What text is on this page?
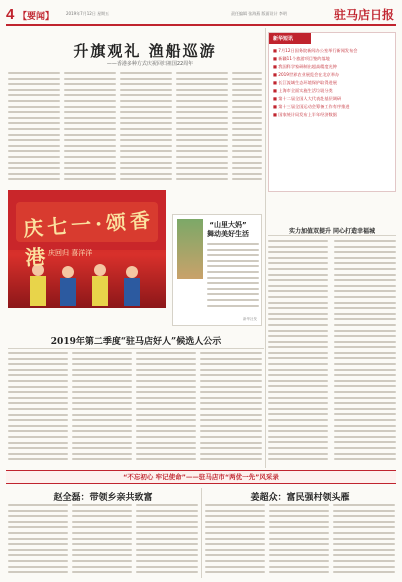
4 【要闻】	2019年7月12日 星期五	责任编辑 张海燕 版面设计 李明	驻马店日报
升旗观礼 渔船巡游
——香港多种方式庆祝回归祖国22周年
新华短讯
■ 7月12日国务院新闻办公室举行新闻发布会
■ 新疆11个旅游项目签约落地
■ 我国科学家研制出超高精度光钟
■ 2019世界农业展览会在北京举办
■ 长江流域生态环境保护取得进展
■ 上海市全面实施生活垃圾分类
■ 第十二届全国人大代表赴基层调研
■ 第十三届全国运动会筹备工作有序推进
■ 国家统计局发布上半年经济数据
实力加值双提升 同心打造幸福城
庆七一·颂香港
庆回归 喜洋洋
“山里大妈”
舞动美好生活
新华社发
2019年第二季度“驻马店好人”候选人公示
“不忘初心 牢记使命”——驻马店市“两优一先”风采录
赵全磊：带领乡亲共致富	姜超众：富民强村领头雁
